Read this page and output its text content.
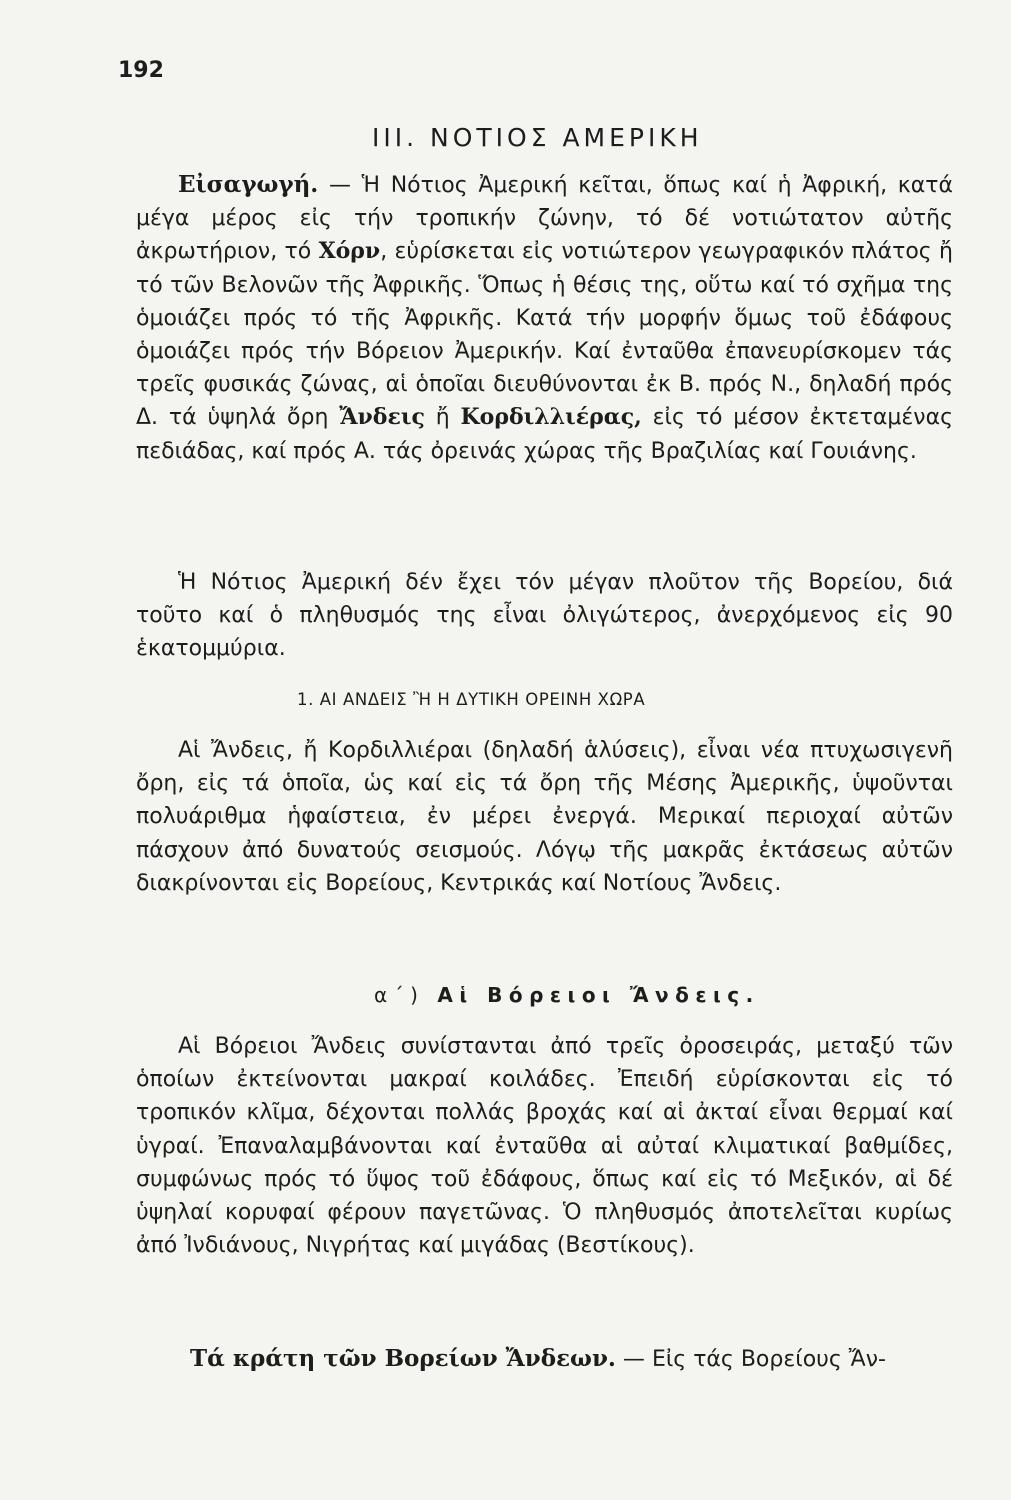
192
ΙΙΙ. ΝΟΤΙΟΣ ΑΜΕΡΙΚΗ

Εἰσαγωγή. — Ἡ Νότιος Ἀμερική κεῖται, ὅπως καί ἡ Ἀφρική, κατά μέγα μέρος εἰς τήν τροπικήν ζώνην, τό δέ νοτιώτατον αὐτῆς ἀκρωτήριον, τό Χόρν, εὑρίσκεται εἰς νοτιώτερον γεωγραφικόν πλάτος ἤ τό τῶν Βελονῶν τῆς Ἀφρικῆς. Ὅπως ἡ θέσις της, οὕτω καί τό σχῆμα της ὁμοιάζει πρός τό τῆς Ἀφρικῆς. Κατά τήν μορφήν ὅμως τοῦ ἐδάφους ὁμοιάζει πρός τήν Βόρειον Ἀμερικήν. Καί ἐνταῦθα ἐπανευρίσκομεν τάς τρεῖς φυσικάς ζώνας, αἱ ὁποῖαι διευθύνονται ἐκ Β. πρός Ν., δηλαδή πρός Δ. τά ὑψηλά ὄρη Ἄνδεις ἤ Κορδιλλιέρας, εἰς τό μέσον ἐκτεταμένας πεδιάδας, καί πρός Α. τάς ὀρεινάς χώρας τῆς Βραζιλίας καί Γουιάνης.

Ἡ Νότιος Ἀμερική δέν ἔχει τόν μέγαν πλοῦτον τῆς Βορείου, διά τοῦτο καί ὁ πληθυσμός της εἶναι ὀλιγώτερος, ἀνερχόμενος εἰς 90 ἑκατομμύρια.

1. ΑΙ ΑΝΔΕΙΣ Ἢ Η ΔΥΤΙΚΗ ΟΡΕΙΝΗ ΧΩΡΑ

Αἱ Ἄνδεις, ἤ Κορδιλλιέραι (δηλαδή ἁλύσεις), εἶναι νέα πτυχωσιγενῆ ὄρη, εἰς τά ὁποῖα, ὡς καί εἰς τά ὄρη τῆς Μέσης Ἀμερικῆς, ὑψοῦνται πολυάριθμα ἡφαίστεια, ἐν μέρει ἐνεργά. Μερικαί περιοχαί αὐτῶν πάσχουν ἀπό δυνατούς σεισμούς. Λόγῳ τῆς μακρᾶς ἐκτάσεως αὐτῶν διακρίνονται εἰς Βορείους, Κεντρικάς καί Νοτίους Ἄνδεις.

α΄) Αἱ Βόρειοι Ἄνδεις.

Αἱ Βόρειοι Ἄνδεις συνίστανται ἀπό τρεῖς ὀροσειράς, μεταξύ τῶν ὁποίων ἐκτείνονται μακραί κοιλάδες. Ἐπειδή εὑρίσκονται εἰς τό τροπικόν κλῖμα, δέχονται πολλάς βροχάς καί αἱ ἀκταί εἶναι θερμαί καί ὑγραί. Ἐπαναλαμβάνονται καί ἐνταῦθα αἱ αὐταί κλιματικαί βαθμίδες, συμφώνως πρός τό ὕψος τοῦ ἐδάφους, ὅπως καί εἰς τό Μεξικόν, αἱ δέ ὑψηλαί κορυφαί φέρουν παγετῶνας. Ὁ πληθυσμός ἀποτελεῖται κυρίως ἀπό Ἰνδιάνους, Νιγρήτας καί μιγάδας (Βεστίκους).

Τά κράτη τῶν Βορείων Ἄνδεων. — Εἰς τάς Βορείους Ἄν-
